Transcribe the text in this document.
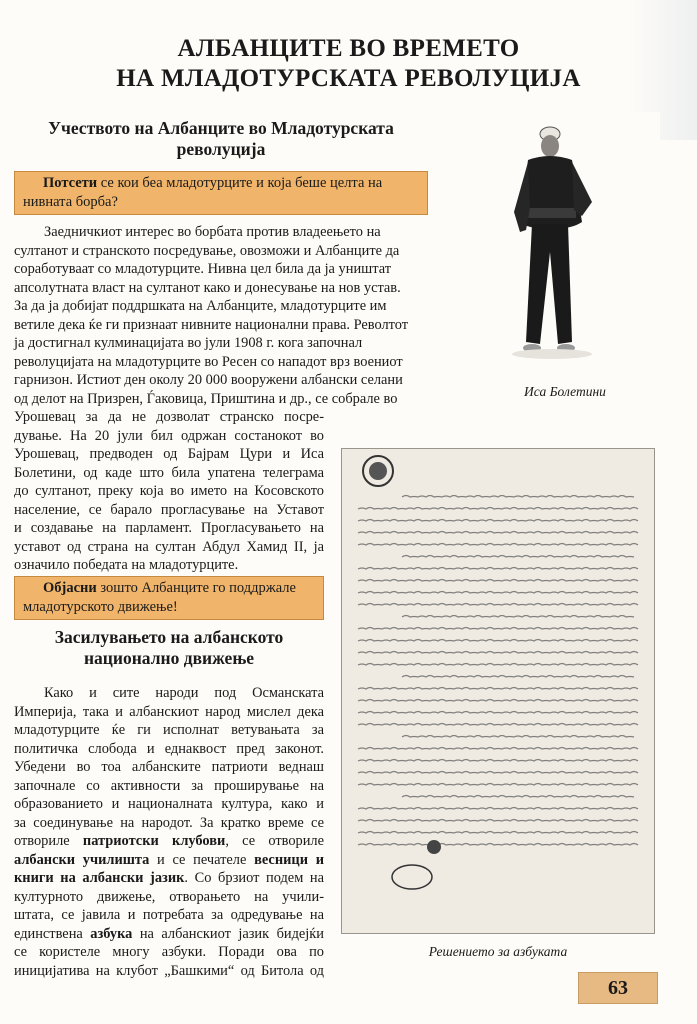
АЛБАНЦИТЕ ВО ВРЕМЕТО
НА МЛАДОТУРСКАТА РЕВОЛУЦИЈА
Учеството на Албанците во Младотурската
револуција
Потсети се кои беа младотурците и која беше целта на
нивната борба?
Заедничкиот интерес во борбата против владеењето на
султанот и странското посредување, овозможи и Албанците да
соработуваат со младотурците. Нивна цел била да ја уништат
апсолутната власт на султанот како и донесување на нов устав.
За да ја добијат поддршката на Албанците, младотурците им
ветиле дека ќе ги признаат нивните национални права. Револтот
ја достигнал кулминацијата во јули 1908 г. кога започнал
револуцијата на младотурците во Ресен со нападот врз воениот
гарнизон. Истиот ден околу 20 000 вооружени албански селани
од делот на Призрен, Ѓаковица, Приштина и др., се собрале во
Урошевац за да не дозволат странско посре-
дување. На 20 јули бил одржан состанокот во
Урошевац, предводен од Бајрам Цури и Иса
Болетини, од каде што била упатена телеграма
до султанот, преку која во името на Косовското
население, се барало прогласување на Уставот
и создавање на парламент. Прогласувањето на
уставот од страна на султан Абдул Хамид II, ја
означило победата на младотурците.
Објасни зошто Албанците го поддржале
младотурското движење!
Засилувањето на албанското
национално движење
Како и сите народи под Османската
Империја, така и албанскиот народ мислел дека
младотурците ќе ги исполнат ветувањата за
политичка слобода и еднаквост пред законот.
Убедени во тоа албанските патриоти веднаш
започнале со активности за проширување на
образованието и националната култура, како и
за соединување на народот. За кратко време се
отвориле патриотски клубови, се отвориле
албански училишта и се печателе весници и
книги на албански јазик. Со брзиот подем на
културното движење, отворањето на учили-
штата, се јавила и потребата за одредување на
единствена азбука на албанскиот јазик бидејќи
се користеле многу азбуки. Поради ова по
иницијатива на клубот „Башкими“ од Битола од
Иса Болетини
Решението за азбуката
63
